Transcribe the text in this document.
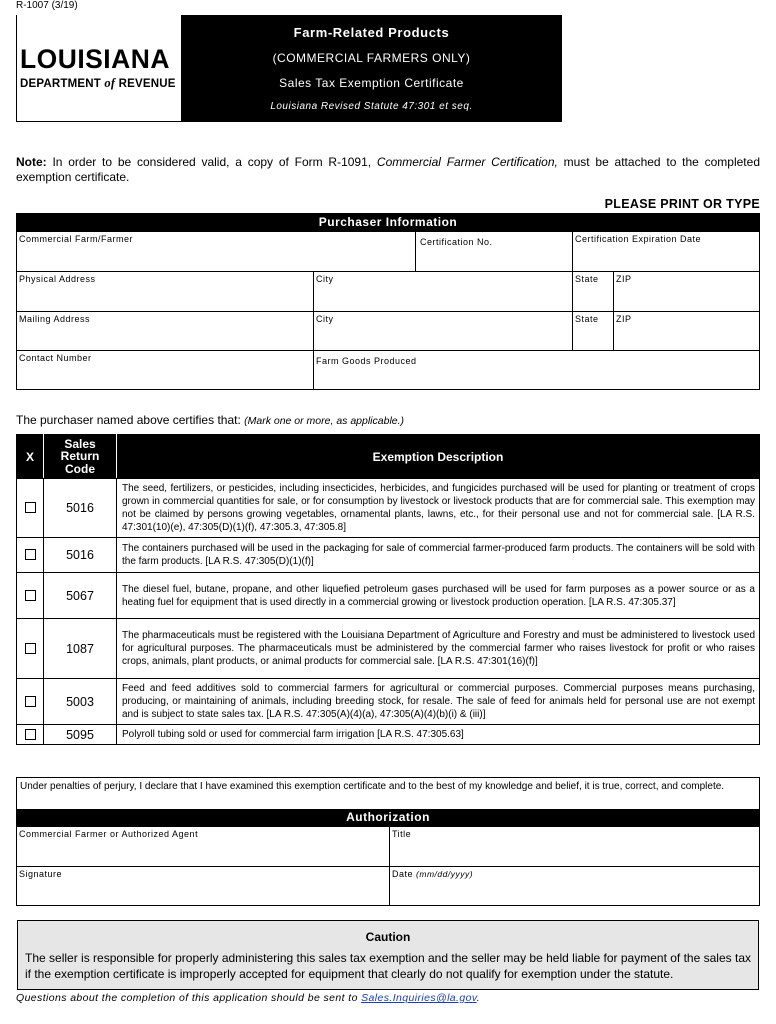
R-1007 (3/19)
LOUISIANA
DEPARTMENT of REVENUE
Farm-Related Products
(COMMERCIAL FARMERS ONLY)
Sales Tax Exemption Certificate
Louisiana Revised Statute 47:301 et seq.
Note: In order to be considered valid, a copy of Form R-1091, Commercial Farmer Certification, must be attached to the completed exemption certificate.
PLEASE PRINT OR TYPE
Purchaser Information
Commercial Farm/Farmer	Certification No.	Certification Expiration Date
Physical Address	City	State ZIP
Mailing Address	City	State ZIP
Contact Number	Farm Goods Produced
The purchaser named above certifies that: (Mark one or more, as applicable.)
X	Sales Return Code	Exemption Description
	5016	The seed, fertilizers, or pesticides, including insecticides, herbicides, and fungicides purchased will be used for planting or treatment of crops grown in commercial quantities for sale, or for consumption by livestock or livestock products that are for commercial sale. This exemption may not be claimed by persons growing vegetables, ornamental plants, lawns, etc., for their personal use and not for commercial sale. [LA R.S. 47:301(10)(e), 47:305(D)(1)(f), 47:305.3, 47:305.8]
	5016	The containers purchased will be used in the packaging for sale of commercial farmer-produced farm products. The containers will be sold with the farm products. [LA R.S. 47:305(D)(1)(f)]
	5067	The diesel fuel, butane, propane, and other liquefied petroleum gases purchased will be used for farm purposes as a power source or as a heating fuel for equipment that is used directly in a commercial growing or livestock production operation. [LA R.S. 47:305.37]
	1087	The pharmaceuticals must be registered with the Louisiana Department of Agriculture and Forestry and must be administered to livestock used for agricultural purposes. The pharmaceuticals must be administered by the commercial farmer who raises livestock for profit or who raises crops, animals, plant products, or animal products for commercial sale. [LA R.S. 47:301(16)(f)]
	5003	Feed and feed additives sold to commercial farmers for agricultural or commercial purposes. Commercial purposes means purchasing, producing, or maintaining of animals, including breeding stock, for resale. The sale of feed for animals held for personal use are not exempt and is subject to state sales tax. [LA R.S. 47:305(A)(4)(a), 47:305(A)(4)(b)(i) & (iii)]
	5095	Polyroll tubing sold or used for commercial farm irrigation [LA R.S. 47:305.63]
Under penalties of perjury, I declare that I have examined this exemption certificate and to the best of my knowledge and belief, it is true, correct, and complete.
Authorization
Commercial Farmer or Authorized Agent	Title
Signature	Date (mm/dd/yyyy)
Caution
The seller is responsible for properly administering this sales tax exemption and the seller may be held liable for payment of the sales tax if the exemption certificate is improperly accepted for equipment that clearly do not qualify for exemption under the statute.
Questions about the completion of this application should be sent to Sales.Inquiries@la.gov.
